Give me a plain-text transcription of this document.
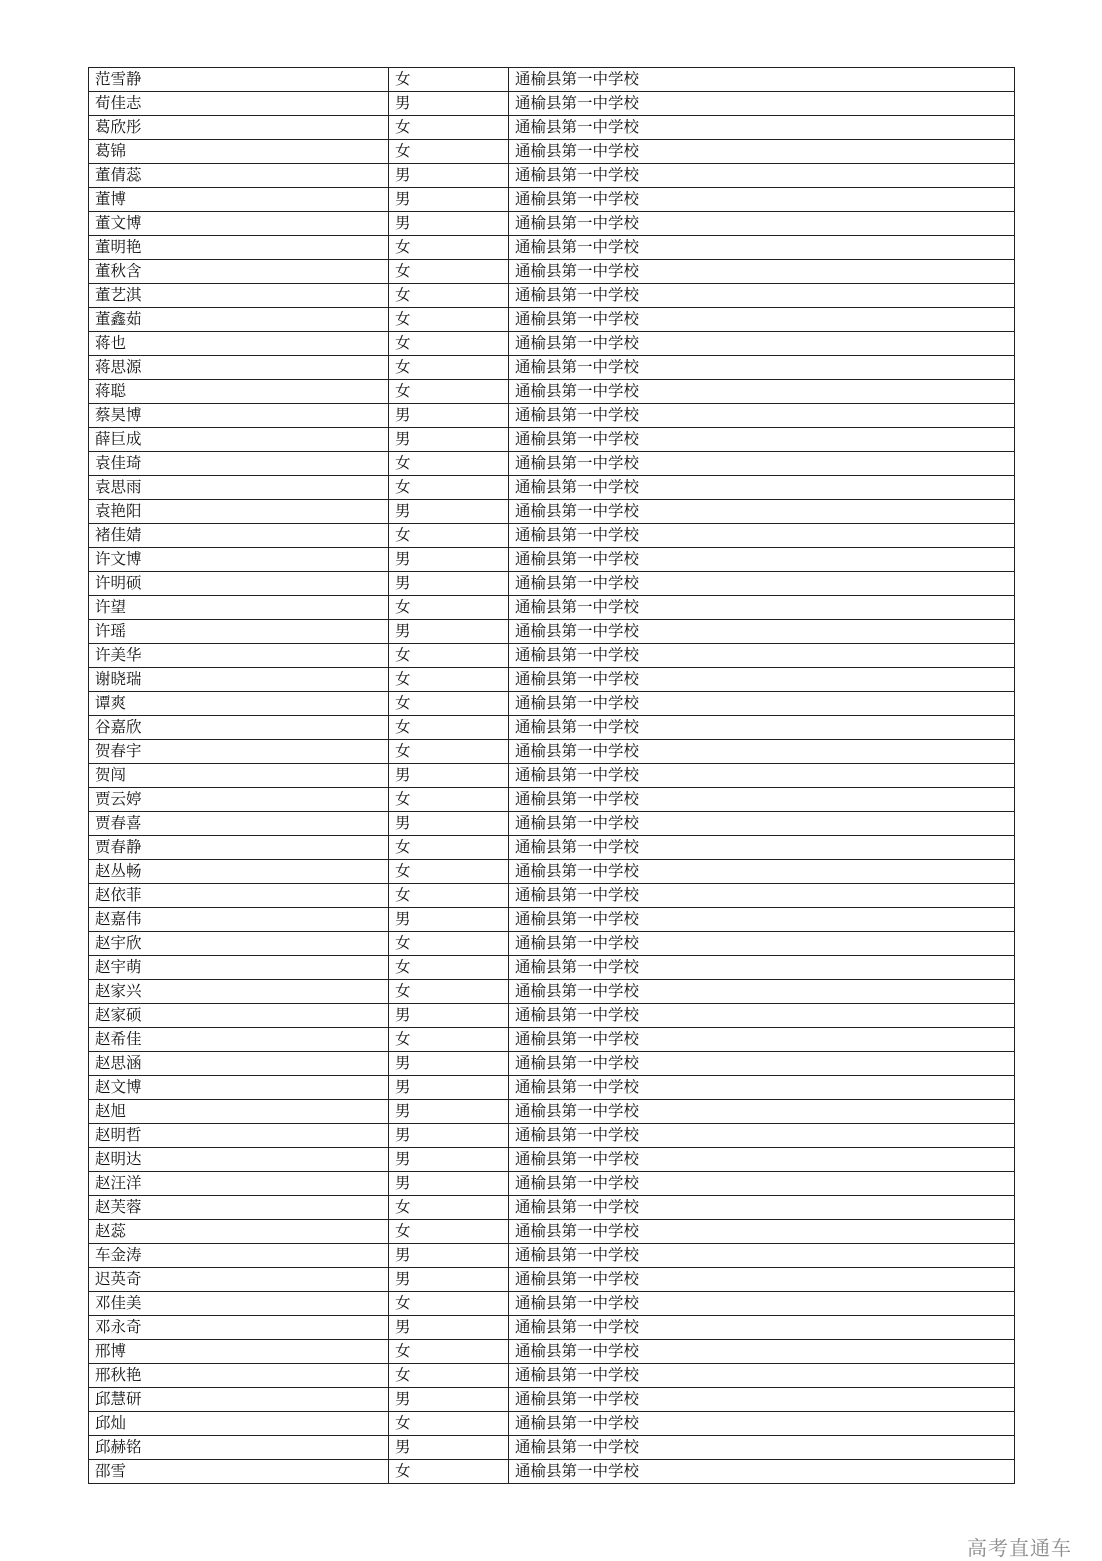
范雪静	女	通榆县第一中学校
荀佳志	男	通榆县第一中学校
葛欣彤	女	通榆县第一中学校
葛锦	女	通榆县第一中学校
董倩蕊	男	通榆县第一中学校
董博	男	通榆县第一中学校
董文博	男	通榆县第一中学校
董明艳	女	通榆县第一中学校
董秋含	女	通榆县第一中学校
董艺淇	女	通榆县第一中学校
董鑫茹	女	通榆县第一中学校
蒋也	女	通榆县第一中学校
蒋思源	女	通榆县第一中学校
蒋聪	女	通榆县第一中学校
蔡昊博	男	通榆县第一中学校
薛巨成	男	通榆县第一中学校
袁佳琦	女	通榆县第一中学校
袁思雨	女	通榆县第一中学校
袁艳阳	男	通榆县第一中学校
褚佳婧	女	通榆县第一中学校
许文博	男	通榆县第一中学校
许明硕	男	通榆县第一中学校
许望	女	通榆县第一中学校
许瑶	男	通榆县第一中学校
许美华	女	通榆县第一中学校
谢晓瑞	女	通榆县第一中学校
谭爽	女	通榆县第一中学校
谷嘉欣	女	通榆县第一中学校
贺春宇	女	通榆县第一中学校
贺闯	男	通榆县第一中学校
贾云婷	女	通榆县第一中学校
贾春喜	男	通榆县第一中学校
贾春静	女	通榆县第一中学校
赵丛畅	女	通榆县第一中学校
赵依菲	女	通榆县第一中学校
赵嘉伟	男	通榆县第一中学校
赵宇欣	女	通榆县第一中学校
赵宇萌	女	通榆县第一中学校
赵家兴	女	通榆县第一中学校
赵家硕	男	通榆县第一中学校
赵希佳	女	通榆县第一中学校
赵思涵	男	通榆县第一中学校
赵文博	男	通榆县第一中学校
赵旭	男	通榆县第一中学校
赵明哲	男	通榆县第一中学校
赵明达	男	通榆县第一中学校
赵汪洋	男	通榆县第一中学校
赵芙蓉	女	通榆县第一中学校
赵蕊	女	通榆县第一中学校
车金涛	男	通榆县第一中学校
迟英奇	男	通榆县第一中学校
邓佳美	女	通榆县第一中学校
邓永奇	男	通榆县第一中学校
邢博	女	通榆县第一中学校
邢秋艳	女	通榆县第一中学校
邱慧研	男	通榆县第一中学校
邱灿	女	通榆县第一中学校
邱赫铭	男	通榆县第一中学校
邵雪	女	通榆县第一中学校
高考直通车
